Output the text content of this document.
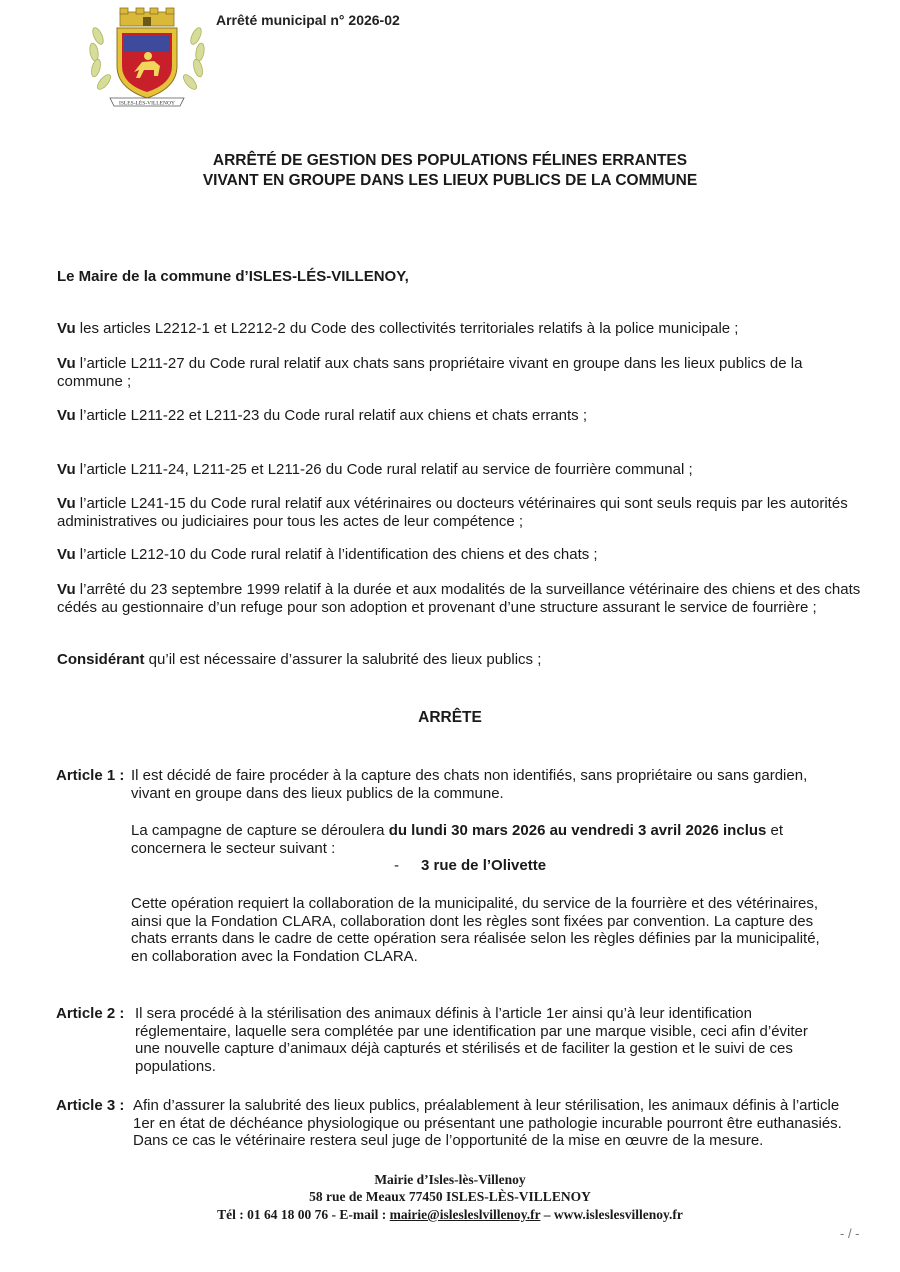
Arrêté municipal n° 2026-02
ISLES-LÈS-VILLENOY
ARRÊTÉ DE GESTION DES POPULATIONS FÉLINES ERRANTES
VIVANT EN GROUPE DANS LES LIEUX PUBLICS DE LA COMMUNE
Le Maire de la commune d’ISLES-LÉS-VILLENOY,
Vu les articles L2212-1 et L2212-2 du Code des collectivités territoriales relatifs à la police municipale ;
Vu l’article L211-27 du Code rural relatif aux chats sans propriétaire vivant en groupe dans les lieux publics de la commune ;
Vu l’article L211-22 et L211-23 du Code rural relatif aux chiens et chats errants ;
Vu l’article L211-24, L211-25 et L211-26 du Code rural relatif au service de fourrière communal ;
Vu l’article L241-15 du Code rural relatif aux vétérinaires ou docteurs vétérinaires qui sont seuls requis par les autorités administratives ou judiciaires pour tous les actes de leur compétence ;
Vu l’article L212-10 du Code rural relatif à l’identification des chiens et des chats ;
Vu l’arrêté du 23 septembre 1999 relatif à la durée et aux modalités de la surveillance vétérinaire des chiens et des chats cédés au gestionnaire d’un refuge pour son adoption et provenant d’une structure assurant le service de fourrière ;
Considérant qu’il est nécessaire d’assurer la salubrité des lieux publics ;
ARRÊTE
Article 1 : Il est décidé de faire procéder à la capture des chats non identifiés, sans propriétaire ou sans gardien, vivant en groupe dans des lieux publics de la commune.
La campagne de capture se déroulera du lundi 30 mars 2026 au vendredi 3 avril 2026 inclus et concernera le secteur suivant :
- 3 rue de l’Olivette
Cette opération requiert la collaboration de la municipalité, du service de la fourrière et des vétérinaires, ainsi que la Fondation CLARA, collaboration dont les règles sont fixées par convention. La capture des chats errants dans le cadre de cette opération sera réalisée selon les règles définies par la municipalité, en collaboration avec la Fondation CLARA.
Article 2 : Il sera procédé à la stérilisation des animaux définis à l’article 1er ainsi qu’à leur identification réglementaire, laquelle sera complétée par une identification par une marque visible, ceci afin d’éviter une nouvelle capture d’animaux déjà capturés et stérilisés et de faciliter la gestion et le suivi de ces populations.
Article 3 : Afin d’assurer la salubrité des lieux publics, préalablement à leur stérilisation, les animaux définis à l’article 1er en état de déchéance physiologique ou présentant une pathologie incurable pourront être euthanasiés. Dans ce cas le vétérinaire restera seul juge de l’opportunité de la mise en œuvre de la mesure.
Mairie d’Isles-lès-Villenoy
58 rue de Meaux 77450 ISLES-LÈS-VILLENOY
Tél : 01 64 18 00 76 - E-mail : mairie@islesleslvillenoy.fr – www.isleslesvillenoy.fr
- / -
